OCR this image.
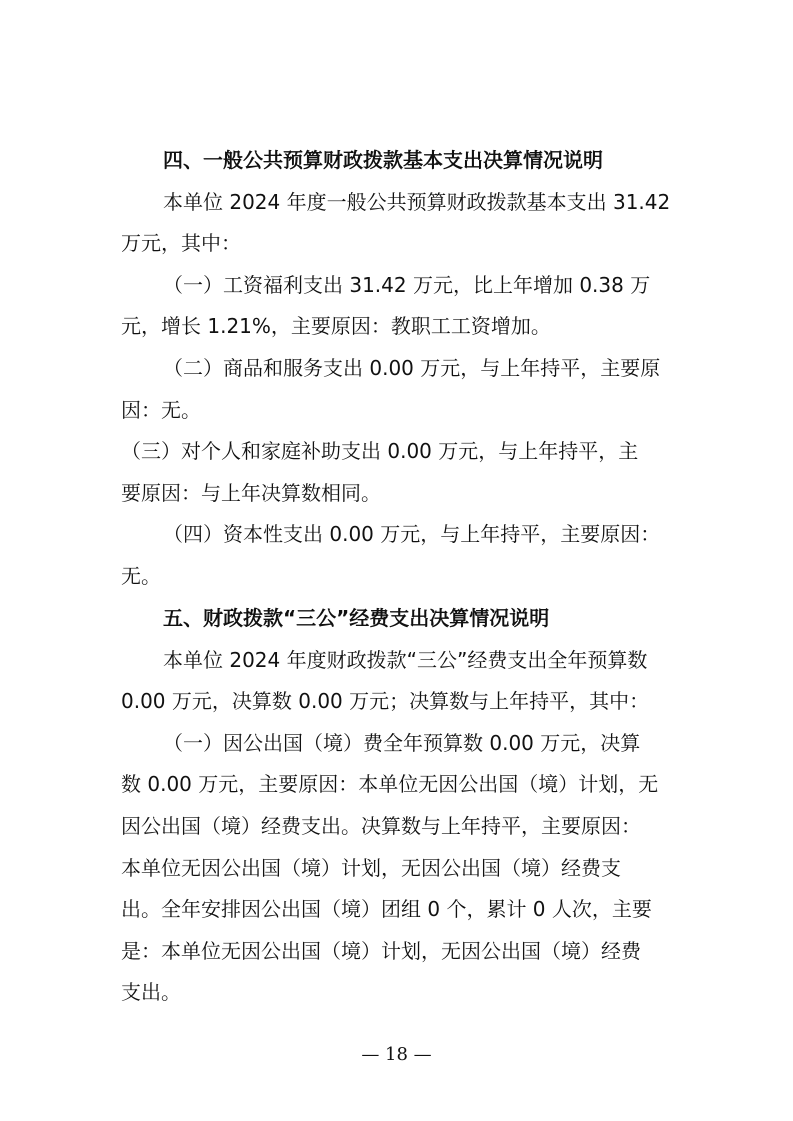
四、一般公共预算财政拨款基本支出决算情况说明
本单位 2024 年度一般公共预算财政拨款基本支出 31.42
万元，其中：
（一）工资福利支出 31.42 万元，比上年增加 0.38 万
元，增长 1.21%，主要原因：教职工工资增加。
（二）商品和服务支出 0.00 万元，与上年持平，主要原
因：无。
（三）对个人和家庭补助支出 0.00 万元，与上年持平，主
要原因：与上年决算数相同。
（四）资本性支出 0.00 万元，与上年持平，主要原因：
无。
五、财政拨款“三公”经费支出决算情况说明
本单位 2024 年度财政拨款“三公”经费支出全年预算数
0.00 万元，决算数 0.00 万元；决算数与上年持平，其中：
（一）因公出国（境）费全年预算数 0.00 万元，决算
数 0.00 万元，主要原因：本单位无因公出国（境）计划，无
因公出国（境）经费支出。决算数与上年持平，主要原因：
本单位无因公出国（境）计划，无因公出国（境）经费支
出。全年安排因公出国（境）团组 0 个，累计 0 人次，主要
是：本单位无因公出国（境）计划，无因公出国（境）经费
支出。
— 18 —
